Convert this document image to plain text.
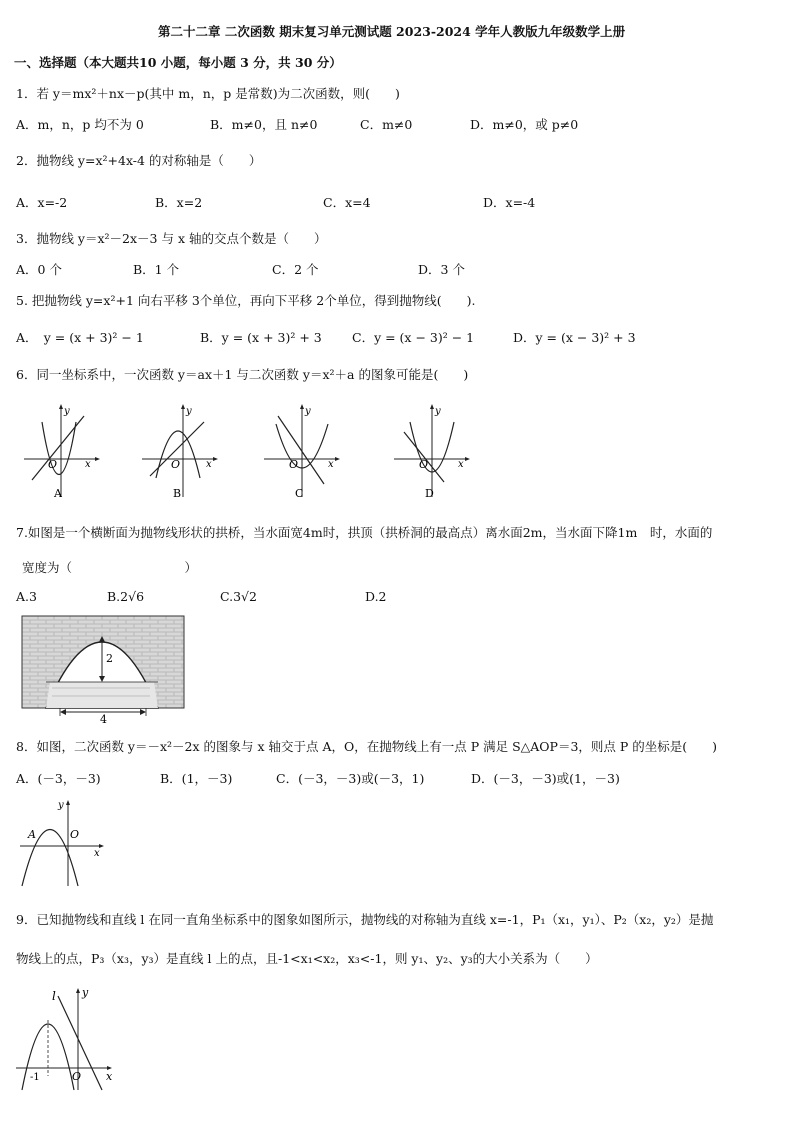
第二十二章 二次函数 期末复习单元测试题 2023-2024 学年人教版九年级数学上册
一、选择题（本大题共10 小题，每小题 3 分，共 30 分）
1．若 y＝mx²＋nx－p(其中 m，n，p 是常数)为二次函数，则(　　)
A．m，n，p 均不为 0	B．m≠0，且 n≠0	C．m≠0	D．m≠0，或 p≠0
2．抛物线 y=x²+4x-4 的对称轴是（　　）
A．x=-2	B．x=2	C．x=4	D．x=-4
3．抛物线 y＝x²－2x－3 与 x 轴的交点个数是（　　）
A．0 个	B．1 个	C．2 个	D．3 个
5. 把抛物线 y=x²+1 向右平移 3个单位，再向下平移 2个单位，得到抛物线(　　).
A．　y = (x + 3)² − 1	B．y = (x + 3)² + 3 C．y = (x − 3)² − 1	D．y = (x − 3)² + 3
6．同一坐标系中，一次函数 y＝ax＋1 与二次函数 y＝x²＋a 的图象可能是(　　)
y
x
O
A
y
x
O
B
y
x
O
C
y
x
O
D
7.如图是一个横断面为抛物线形状的拱桥，当水面宽4m时，拱顶（拱桥洞的最高点）离水面2m，当水面下降1m　时，水面的
宽度为（　　　　　　　　　）
A.3	B.2√6	C.3√2	D.2
2
4
8．如图，二次函数 y＝－x²－2x 的图象与 x 轴交于点 A，O，在抛物线上有一点 P 满足 S△AOP＝3，则点 P 的坐标是(　　)
A．(－3，－3)	B．(1，－3)	C．(－3，－3)或(－3，1)	D．(－3，－3)或(1，－3)
y
x
A	O
9．已知抛物线和直线 l 在同一直角坐标系中的图象如图所示，抛物线的对称轴为直线 x=-1，P₁（x₁，y₁）、P₂（x₂，y₂）是抛
物线上的点，P₃（x₃，y₃）是直线 l 上的点，且-1<x₁<x₂，x₃<-1，则 y₁、y₂、y₃的大小关系为（　　）
l y
x
O
-1
